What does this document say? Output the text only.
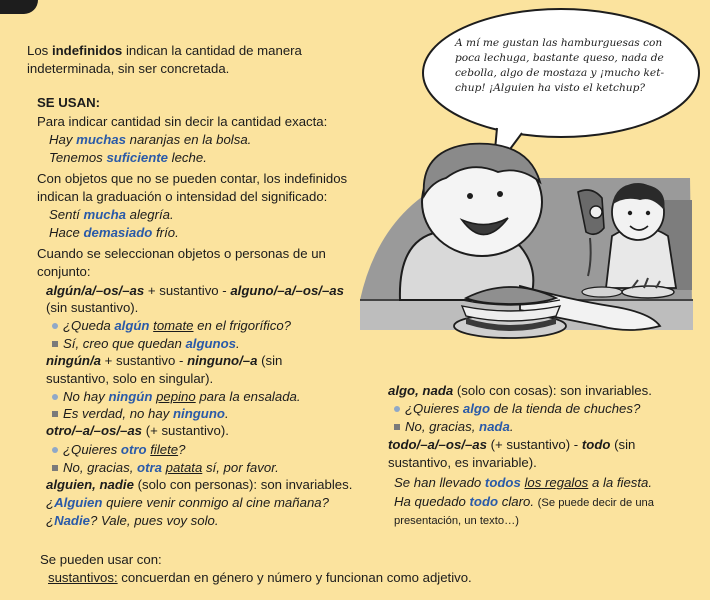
Los indefinidos indican la cantidad de manera

indeterminada, sin ser concretada.

SE USAN:

Para indicar cantidad sin decir la cantidad exacta:

Hay muchas naranjas en la bolsa.

Tenemos suficiente leche.

Con objetos que no se pueden contar, los indefinidos

indican la graduación o intensidad del significado:

Sentí mucha alegría.

Hace demasiado frío.

Cuando se seleccionan objetos o personas de un

conjunto:

algún/a/–os/–as + sustantivo - alguno/–a/–os/–as

(sin sustantivo).

¿Queda algún tomate en el frigorífico?

Sí, creo que quedan algunos.

ningún/a + sustantivo - ninguno/–a (sin

sustantivo, solo en singular).

No hay ningún pepino para la ensalada.

Es verdad, no hay ninguno.

otro/–a/–os/–as (+ sustantivo).

¿Quieres otro filete?

No, gracias, otra patata sí, por favor.

alguien, nadie (solo con personas): son invariables.

¿Alguien quiere venir conmigo al cine mañana?

¿Nadie? Vale, pues voy solo.

algo, nada (solo con cosas): son invariables.

¿Quieres algo de la tienda de chuches?

No, gracias, nada.

todo/–a/–os/–as (+ sustantivo) - todo (sin

sustantivo, es invariable).

Se han llevado todos los regalos a la fiesta.

Ha quedado todo claro. (Se puede decir de una

presentación, un texto…)

Se pueden usar con:

sustantivos: concuerdan en género y número y funcionan como adjetivo.

A mí me gustan las hamburguesas con
poca lechuga, bastante queso, nada de
cebolla, algo de mostaza y ¡mucho ket-
chup! ¡Alguien ha visto el ketchup?
